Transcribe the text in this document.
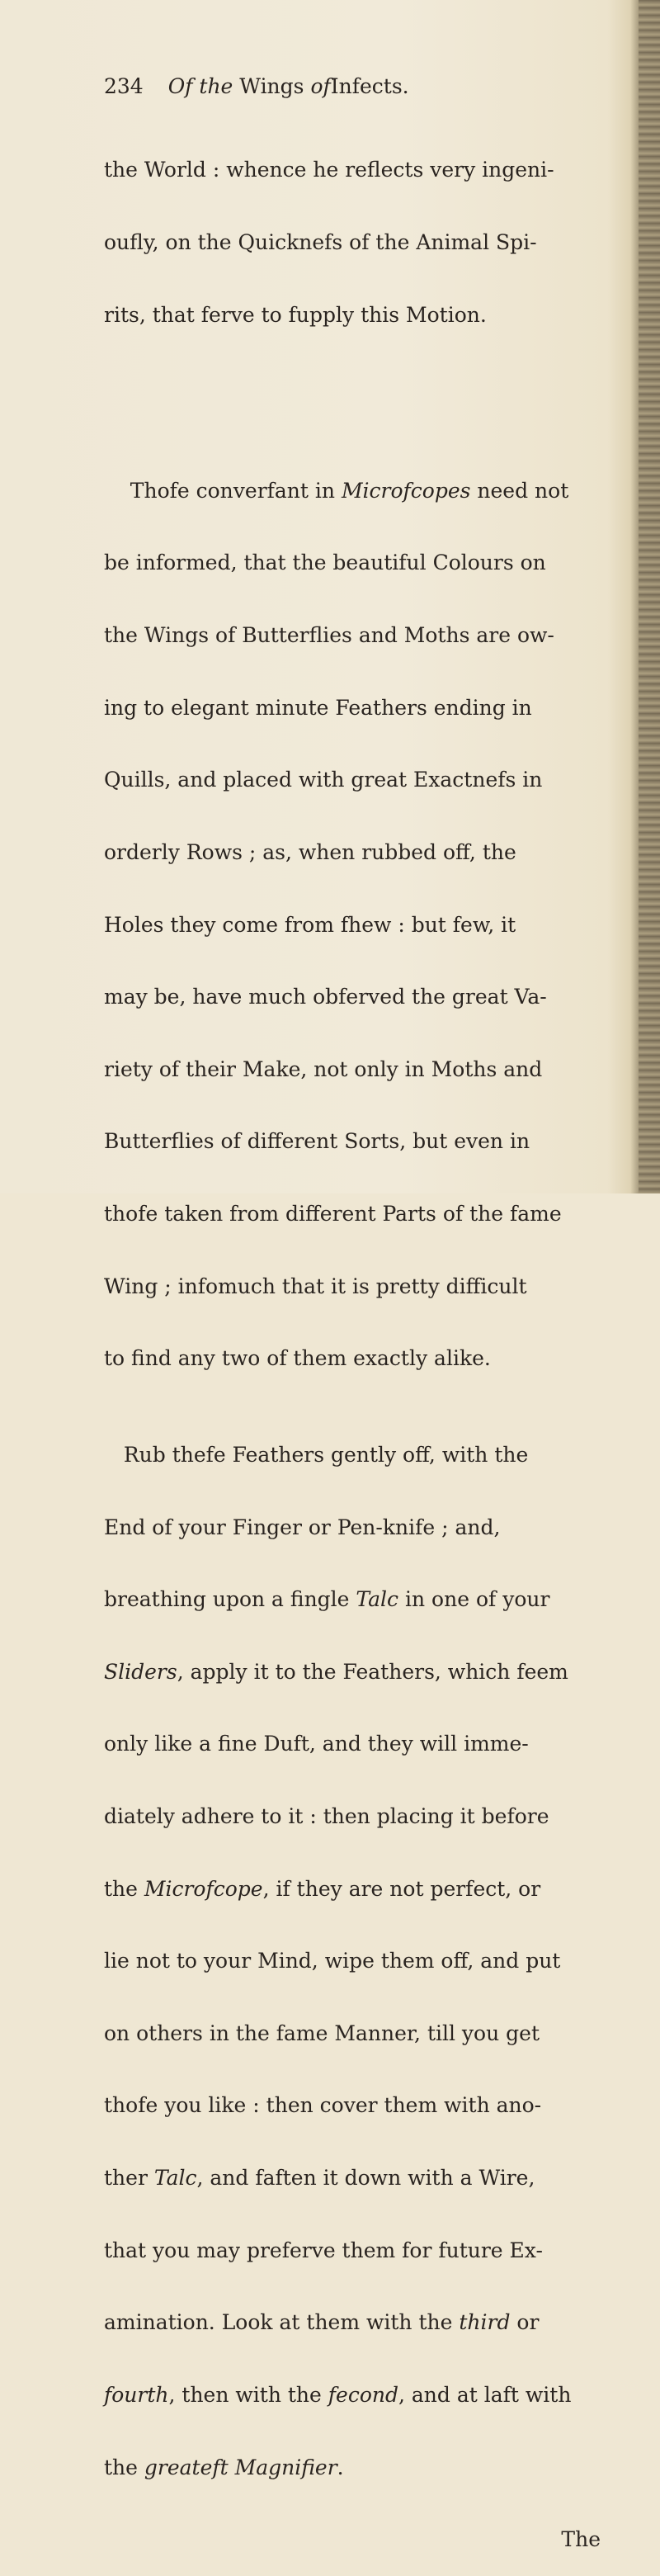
234 Of the Wings ofInfects.

the World : whence he reflects very ingeni-

oufly, on the Quicknefs of the Animal Spi-

rits, that ferve to fupply this Motion.

Thofe converfant in Microfcopes need not

be informed, that the beautiful Colours on

the Wings of Butterflies and Moths are ow-

ing to elegant minute Feathers ending in

Quills, and placed with great Exactnefs in

orderly Rows ; as, when rubbed off, the

Holes they come from fhew : but few, it

may be, have much obferved the great Va-

riety of their Make, not only in Moths and

Butterflies of different Sorts, but even in

thofe taken from different Parts of the fame

Wing ; infomuch that it is pretty difficult

to find any two of them exactly alike.

Rub thefe Feathers gently off, with the

End of your Finger or Pen-knife ; and,

breathing upon a fingle Talc in one of your

Sliders, apply it to the Feathers, which feem

only like a fine Duft, and they will imme-

diately adhere to it : then placing it before

the Microfcope, if they are not perfect, or

lie not to your Mind, wipe them off, and put

on others in the fame Manner, till you get

thofe you like : then cover them with ano-

ther Talc, and faften it down with a Wire,

that you may preferve them for future Ex-

amination. Look at them with the third or

fourth, then with the fecond, and at laft with

the greateft Magnifier.

The
